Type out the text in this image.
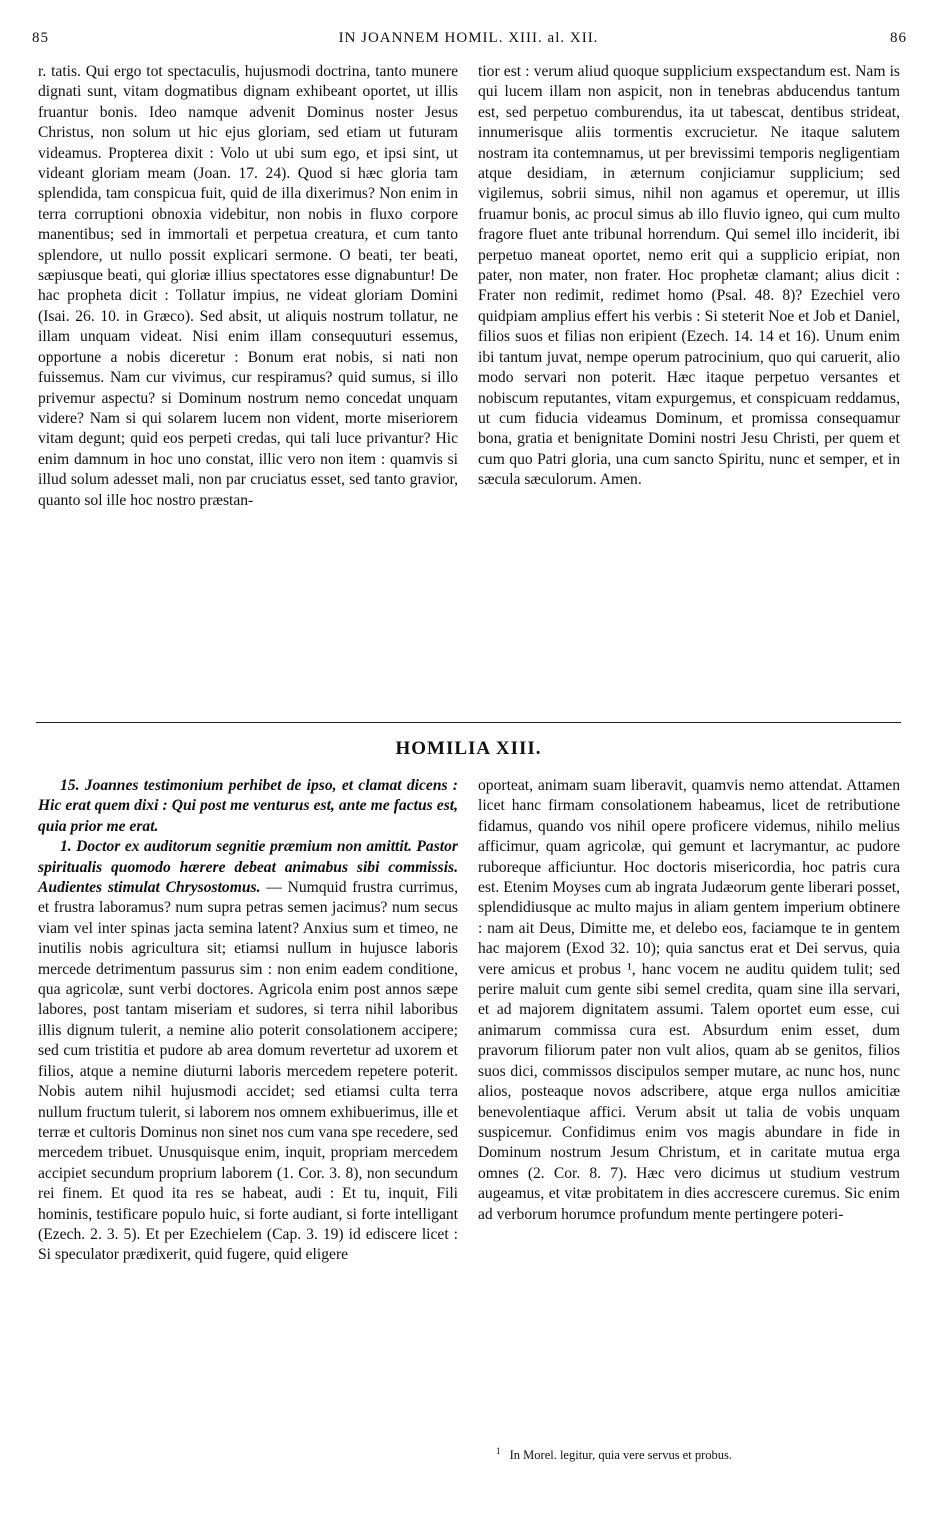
85	IN JOANNEM HOMIL. XIII. al. XII.	86

r. tatis. Qui ergo tot spectaculis, hujusmodi doctrina, tanto munere dignati sunt, vitam dogmatibus dignam exhibeant oportet, ut illis fruantur bonis. Ideo namque advenit Dominus noster Jesus Christus, non solum ut hic ejus gloriam, sed etiam ut futuram videamus. Propterea dixit : Volo ut ubi sum ego, et ipsi sint, ut videant gloriam meam (Joan. 17. 24). Quod si hæc gloria tam splendida, tam conspicua fuit, quid de illa dixerimus? Non enim in terra corruptioni obnoxia videbitur, non nobis in fluxo corpore manentibus; sed in immortali et perpetua creatura, et cum tanto splendore, ut nullo possit explicari sermone. O beati, ter beati, sæpiusque beati, qui gloriæ illius spectatores esse dignabuntur! De hac propheta dicit : Tollatur impius, ne videat gloriam Domini (Isai. 26. 10. in Græco). Sed absit, ut aliquis nostrum tollatur, ne illam unquam videat. Nisi enim illam consequuturi essemus, opportune a nobis diceretur : Bonum erat nobis, si nati non fuissemus. Nam cur vivimus, cur respiramus? quid sumus, si illo privemur aspectu? si Dominum nostrum nemo concedat unquam videre? Nam si qui solarem lucem non vident, morte miseriorem vitam degunt; quid eos perpeti credas, qui tali luce privantur? Hic enim damnum in hoc uno constat, illic vero non item : quamvis si illud solum adesset mali, non par cruciatus esset, sed tanto gravior, quanto sol ille hoc nostro præstan-

tior est : verum aliud quoque supplicium exspectandum est. Nam is qui lucem illam non aspicit, non in tenebras abducendus tantum est, sed perpetuo comburendus, ita ut tabescat, dentibus strideat, innumerisque aliis tormentis excrucietur. Ne itaque salutem nostram ita contemnamus, ut per brevissimi temporis negligentiam atque desidiam, in æternum conjiciamur supplicium; sed vigilemus, sobrii simus, nihil non agamus et operemur, ut illis fruamur bonis, ac procul simus ab illo fluvio igneo, qui cum multo fragore fluet ante tribunal horrendum. Qui semel illo inciderit, ibi perpetuo maneat oportet, nemo erit qui a supplicio eripiat, non pater, non mater, non frater. Hoc prophetæ clamant; alius dicit : Frater non redimit, redimet homo (Psal. 48. 8)? Ezechiel vero quidpiam amplius effert his verbis : Si steterit Noe et Job et Daniel, filios suos et filias non eripient (Ezech. 14. 14 et 16). Unum enim ibi tantum juvat, nempe operum patrocinium, quo qui caruerit, alio modo servari non poterit. Hæc itaque perpetuo versantes et nobiscum reputantes, vitam expurgemus, et conspicuam reddamus, ut cum fiducia videamus Dominum, et promissa consequamur bona, gratia et benignitate Domini nostri Jesu Christi, per quem et cum quo Patri gloria, una cum sancto Spiritu, nunc et semper, et in sæcula sæculorum. Amen.

HOMILIA XIII.

15. Joannes testimonium perhibet de ipso, et clamat dicens : Hic erat quem dixi : Qui post me venturus est, ante me factus est, quia prior me erat.

1. Doctor ex auditorum segnitie præmium non amittit. Pastor spiritualis quomodo hærere debeat animabus sibi commissis. Audientes stimulat Chrysostomus. — Numquid frustra currimus, et frustra laboramus? num supra petras semen jacimus? num secus viam vel inter spinas jacta semina latent? Anxius sum et timeo, ne inutilis nobis agricultura sit; etiamsi nullum in hujusce laboris mercede detrimentum passurus sim : non enim eadem conditione, qua agricolæ, sunt verbi doctores. Agricola enim post annos sæpe labores, post tantam miseriam et sudores, si terra nihil laboribus illis dignum tulerit, a nemine alio poterit consolationem accipere; sed cum tristitia et pudore ab area domum revertetur ad uxorem et filios, atque a nemine diuturni laboris mercedem repetere poterit. Nobis autem nihil hujusmodi accidet; sed etiamsi culta terra nullum fructum tulerit, si laborem nos omnem exhibuerimus, ille et terræ et cultoris Dominus non sinet nos cum vana spe recedere, sed mercedem tribuet. Unusquisque enim, inquit, propriam mercedem accipiet secundum proprium laborem (1. Cor. 3. 8), non secundum rei finem. Et quod ita res se habeat, audi : Et tu, inquit, Fili hominis, testificare populo huic, si forte audiant, si forte intelligant (Ezech. 2. 3. 5). Et per Ezechielem (Cap. 3. 19) id ediscere licet : Si speculator prædixerit, quid fugere, quid eligere

oporteat, animam suam liberavit, quamvis nemo attendat. Attamen licet hanc firmam consolationem habeamus, licet de retributione fidamus, quando vos nihil opere proficere videmus, nihilo melius afficimur, quam agricolæ, qui gemunt et lacrymantur, ac pudore ruboreque afficiuntur. Hoc doctoris misericordia, hoc patris cura est. Etenim Moyses cum ab ingrata Judæorum gente liberari posset, splendidiusque ac multo majus in aliam gentem imperium obtinere : nam ait Deus, Dimitte me, et delebo eos, faciamque te in gentem hac majorem (Exod 32. 10); quia sanctus erat et Dei servus, quia vere amicus et probus ¹, hanc vocem ne auditu quidem tulit; sed perire maluit cum gente sibi semel credita, quam sine illa servari, et ad majorem dignitatem assumi. Talem oportet eum esse, cui animarum commissa cura est. Absurdum enim esset, dum pravorum filiorum pater non vult alios, quam ab se genitos, filios suos dici, commissos discipulos semper mutare, ac nunc hos, nunc alios, posteaque novos adscribere, atque erga nullos amicitiæ benevolentiaque affici. Verum absit ut talia de vobis unquam suspicemur. Confidimus enim vos magis abundare in fide in Dominum nostrum Jesum Christum, et in caritate mutua erga omnes (2. Cor. 8. 7). Hæc vero dicimus ut studium vestrum augeamus, et vitæ probitatem in dies accrescere curemus. Sic enim ad verborum horumce profundum mente pertingere poteri-

$^1$ In Morel. legitur, quia vere servus et probus.
